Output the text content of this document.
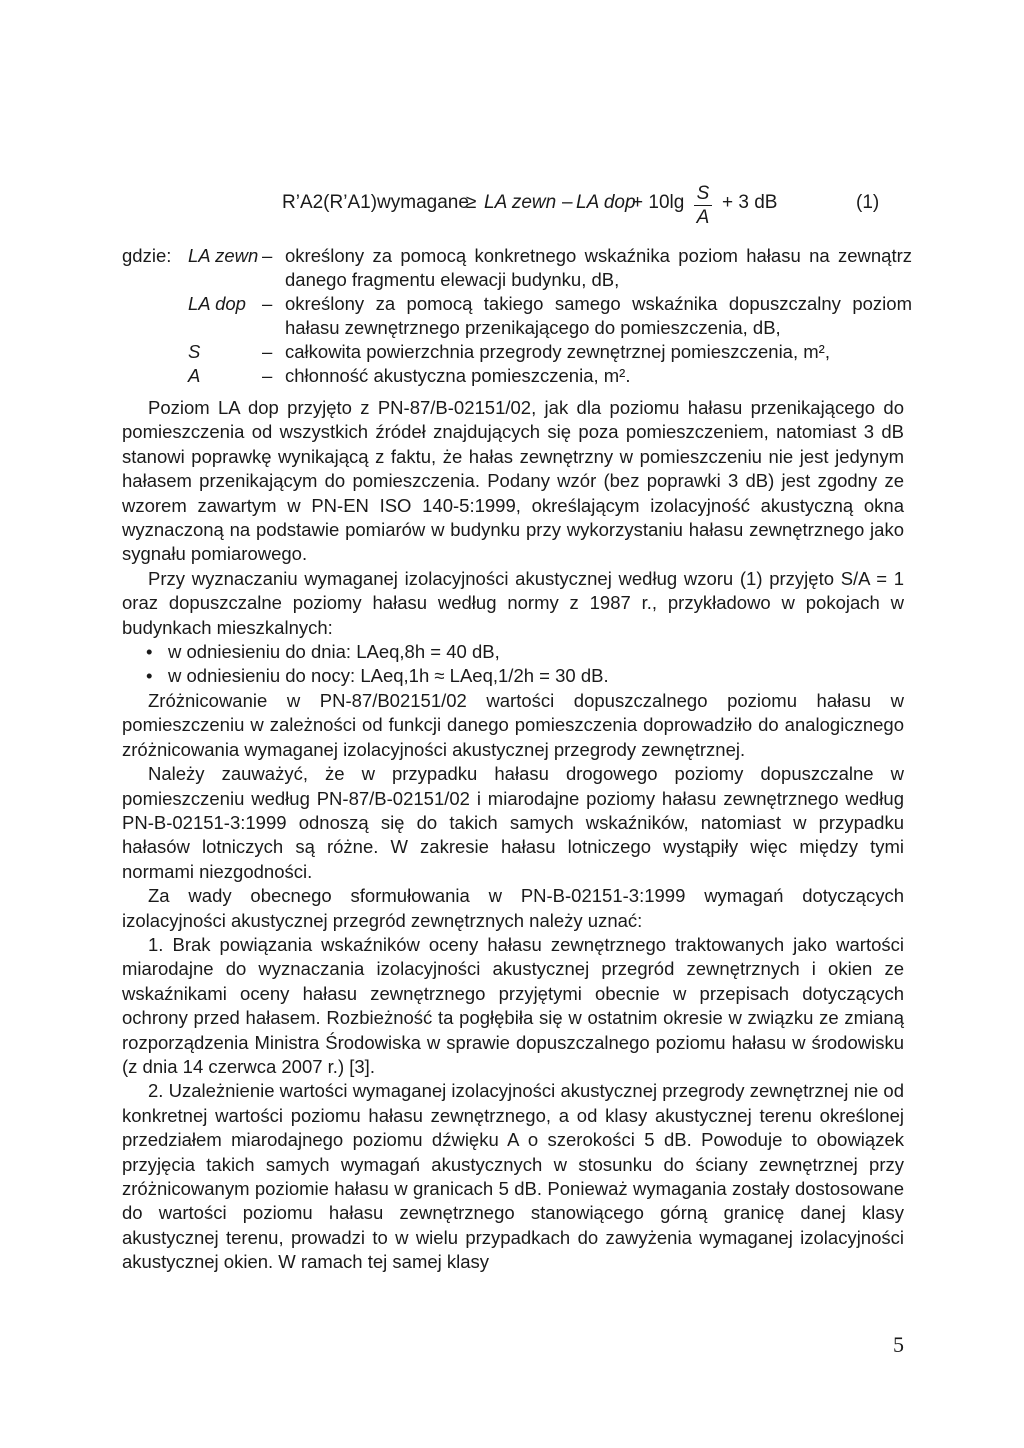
R’A2(R’A1)wymagane
≥ LA zewn – LA dop
+ 10lg S
A
+ 3 dB	(1)
gdzie: LA zewn – określony za pomocą konkretnego wskaźnika poziom hałasu na zewnątrz danego fragmentu elewacji budynku, dB,
LA dop – określony za pomocą takiego samego wskaźnika dopuszczalny poziom hałasu zewnętrznego przenikającego do pomieszczenia, dB,
S	– całkowita powierzchnia przegrody zewnętrznej pomieszczenia, m²,
A	– chłonność akustyczna pomieszczenia, m².

Poziom LA dop przyjęto z PN-87/B-02151/02, jak dla poziomu hałasu przenikającego do pomieszczenia od wszystkich źródeł znajdujących się poza pomieszczeniem, natomiast 3 dB stanowi poprawkę wynikającą z faktu, że hałas zewnętrzny w pomieszczeniu nie jest jedynym hałasem przenikającym do pomieszczenia. Podany wzór (bez poprawki 3 dB) jest zgodny ze wzorem zawartym w PN-EN ISO 140-5:1999, określającym izolacyjność akustyczną okna wyznaczoną na podstawie pomiarów w budynku przy wykorzystaniu hałasu zewnętrznego jako sygnału pomiarowego.

Przy wyznaczaniu wymaganej izolacyjności akustycznej według wzoru (1) przyjęto S/A = 1 oraz dopuszczalne poziomy hałasu według normy z 1987 r., przykładowo w pokojach w budynkach mieszkalnych:

• w odniesieniu do dnia: LAeq,8h = 40 dB,
• w odniesieniu do nocy: LAeq,1h ≈ LAeq,1/2h = 30 dB.

Zróżnicowanie w PN-87/B02151/02 wartości dopuszczalnego poziomu hałasu w pomieszczeniu w zależności od funkcji danego pomieszczenia doprowadziło do analogicznego zróżnicowania wymaganej izolacyjności akustycznej przegrody zewnętrznej.

Należy zauważyć, że w przypadku hałasu drogowego poziomy dopuszczalne w pomieszczeniu według PN-87/B-02151/02 i miarodajne poziomy hałasu zewnętrznego według PN-B-02151-3:1999 odnoszą się do takich samych wskaźników, natomiast w przypadku hałasów lotniczych są różne. W zakresie hałasu lotniczego wystąpiły więc między tymi normami niezgodności.

Za wady obecnego sformułowania w PN-B-02151-3:1999 wymagań dotyczących izolacyjności akustycznej przegród zewnętrznych należy uznać:

1. Brak powiązania wskaźników oceny hałasu zewnętrznego traktowanych jako wartości miarodajne do wyznaczania izolacyjności akustycznej przegród zewnętrznych i okien ze wskaźnikami oceny hałasu zewnętrznego przyjętymi obecnie w przepisach dotyczących ochrony przed hałasem. Rozbieżność ta pogłębiła się w ostatnim okresie w związku ze zmianą rozporządzenia Ministra Środowiska w sprawie dopuszczalnego poziomu hałasu w środowisku (z dnia 14 czerwca 2007 r.) [3].

2. Uzależnienie wartości wymaganej izolacyjności akustycznej przegrody zewnętrznej nie od konkretnej wartości poziomu hałasu zewnętrznego, a od klasy akustycznej terenu określonej przedziałem miarodajnego poziomu dźwięku A o szerokości 5 dB. Powoduje to obowiązek przyjęcia takich samych wymagań akustycznych w stosunku do ściany zewnętrznej przy zróżnicowanym poziomie hałasu w granicach 5 dB. Ponieważ wymagania zostały dostosowane do wartości poziomu hałasu zewnętrznego stanowiącego górną granicę danej klasy akustycznej terenu, prowadzi to w wielu przypadkach do zawyżenia wymaganej izolacyjności akustycznej okien. W ramach tej samej klasy

5
